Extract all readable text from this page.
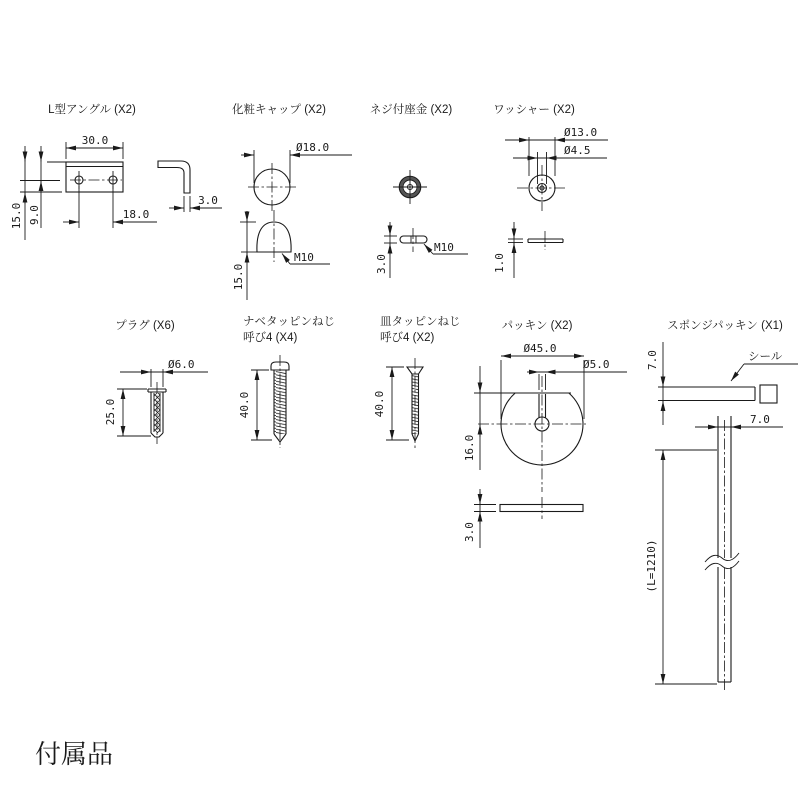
L型アングル (X2)
30.0
18.0
15.0 9.0
3.0
化粧キャップ (X2)
Ø18.0
M10
15.0
ネジ付座金 (X2)
M10
3.0
ワッシャー (X2)
Ø13.0
Ø4.5
1.0
プラグ (X6)
Ø6.0
25.0
ナベタッピンねじ
呼び4 (X4)
40.0
皿タッピンねじ
呼び4 (X2)
40.0
パッキン (X2)
Ø45.0
Ø5.0
16.0
3.0
スポンジパッキン (X1)
7.0	シール
7.0
(L=1210)
付属品
